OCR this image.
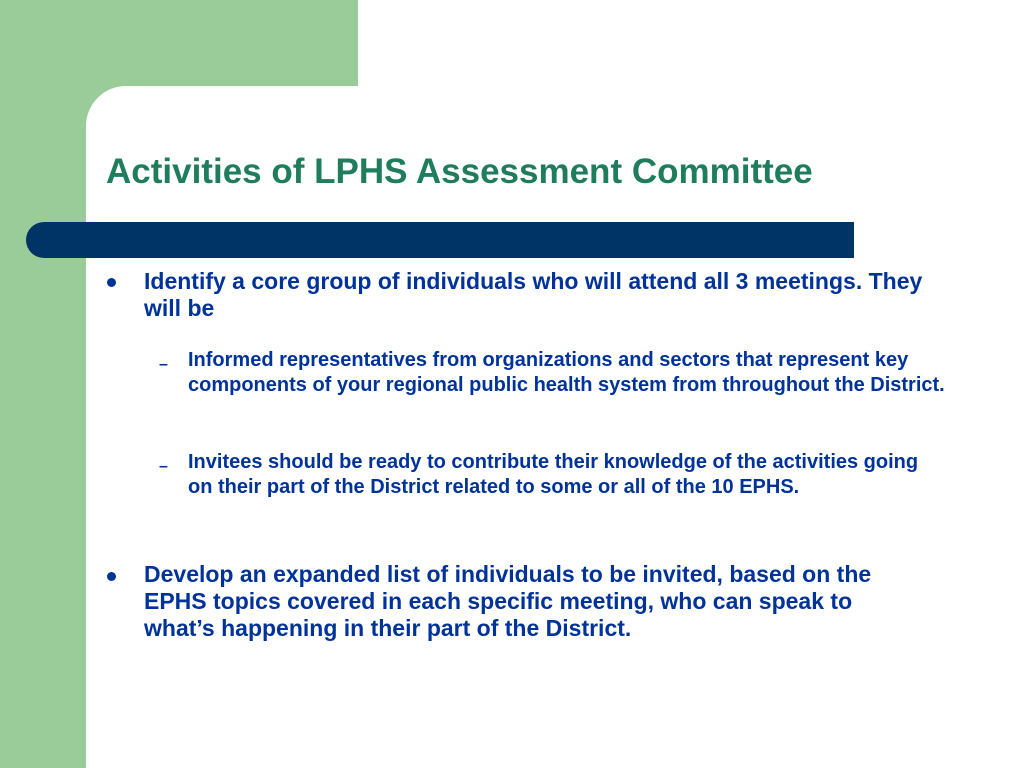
Activities of LPHS Assessment Committee

Identify a core group of individuals who will attend all 3 meetings. They will be

– Informed representatives from organizations and sectors that represent key components of your regional public health system from throughout the District.

– Invitees should be ready to contribute their knowledge of the activities going on their part of the District related to some or all of the 10 EPHS.

Develop an expanded list of individuals to be invited, based on the EPHS topics covered in each specific meeting, who can speak to what’s happening in their part of the District.
